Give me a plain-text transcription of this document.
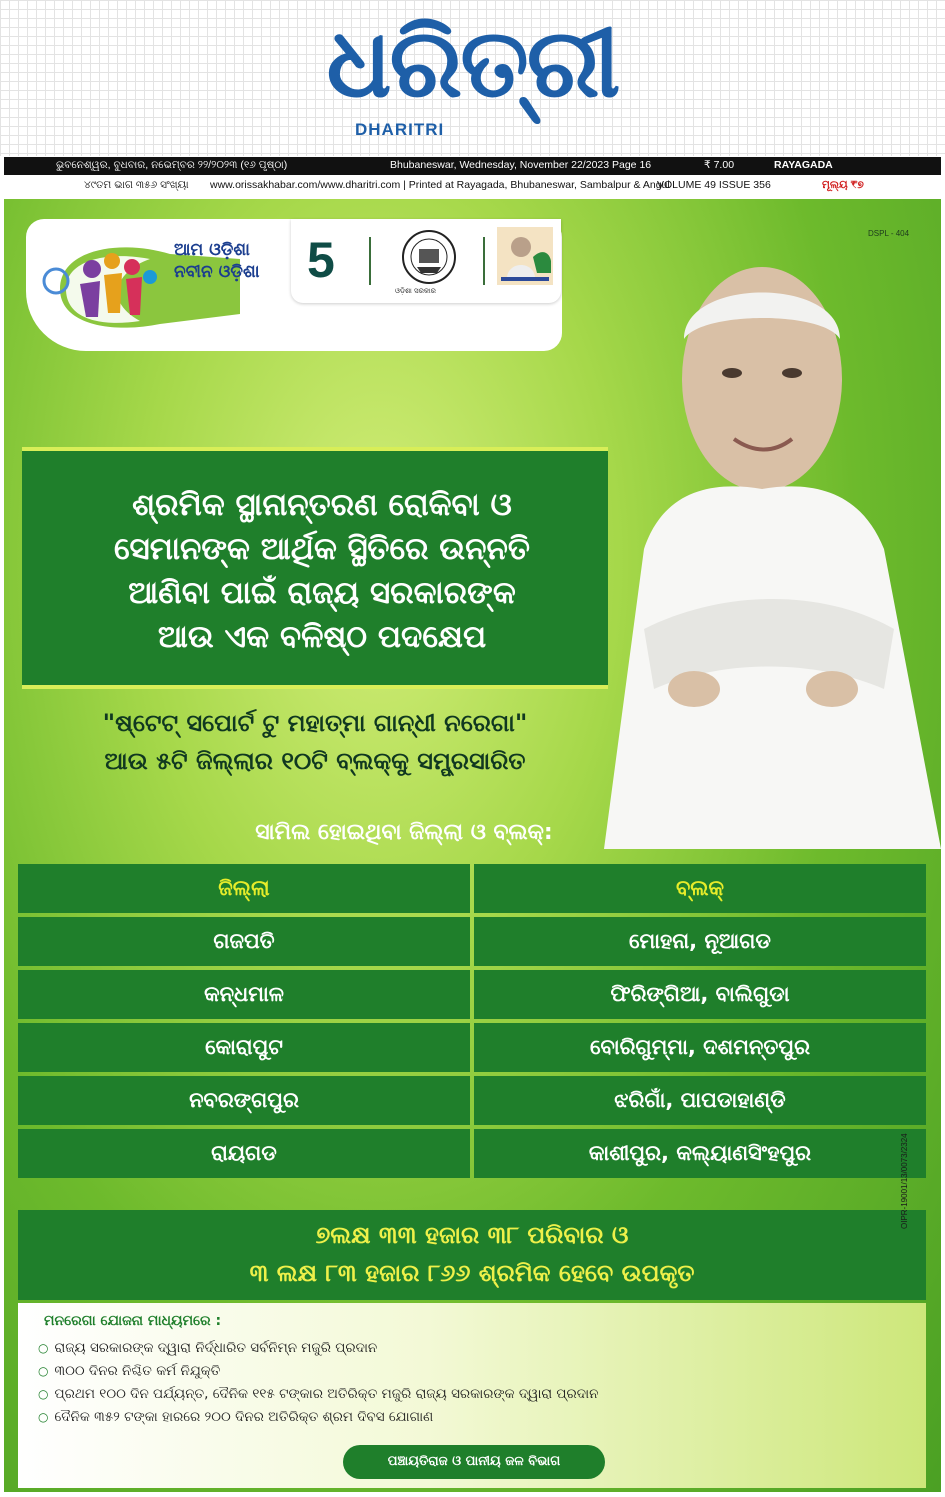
ଧରିତ୍ରୀ
DHARITRI
ଭୁବନେଶ୍ୱର, ବୁଧବାର, ନଭେମ୍ବର ୨୨/୨୦୨୩ (୧୬ ପୃଷ୍ଠା)	Bhubaneswar, Wednesday, November 22/2023 Page 16	₹ 7.00	RAYAGADA
୪୯ତମ ଭାଗ ୩୫୬ ସଂଖ୍ୟା www.orissakhabar.com/www.dharitri.com | Printed at Rayagada, Bhubaneswar, Sambalpur & Angul
VOLUME 49 ISSUE 356	ମୂଲ୍ୟ ₹୭
ଆମ ଓଡ଼ିଶା
ନବୀନ ଓଡ଼ିଶା 5
ଓଡ଼ିଶା ସରକାର
DSPL - 404
ଶ୍ରମିକ ସ୍ଥାନାନ୍ତରଣ ରୋକିବା ଓ
ସେମାନଙ୍କ ଆର୍ଥିକ ସ୍ଥିତିରେ ଉନ୍ନତି
ଆଣିବା ପାଇଁ ରାଜ୍ୟ ସରକାରଙ୍କ
ଆଉ ଏକ ବଳିଷ୍ଠ ପଦକ୍ଷେପ
"ଷ୍ଟେଟ୍ ସପୋର୍ଟ ଟୁ ମହାତ୍ମା ଗାନ୍ଧୀ ନରେଗା"
ଆଉ ୫ଟି ଜିଲ୍ଲାର ୧୦ଟି ବ୍ଲକ୍‌କୁ ସମ୍ପ୍ରସାରିତ
ସାମିଲ ହୋଇଥିବା ଜିଲ୍ଲା ଓ ବ୍ଲକ୍:
ଜିଲ୍ଲା	ବ୍ଲକ୍
ଗଜପତି	ମୋହନା, ନୂଆଗଡ
କନ୍ଧମାଳ	ଫିରିଙ୍ଗିଆ, ବାଲିଗୁଡା
କୋରାପୁଟ	ବୋରିଗୁମ୍ମା, ଦଶମନ୍ତପୁର
ନବରଙ୍ଗପୁର	ଝରିଗାଁ, ପାପଡାହାଣ୍ଡି
ରାୟଗଡ	କାଶୀପୁର, କଲ୍ୟାଣସିଂହପୁର
୭ଲକ୍ଷ ୩୩ ହଜାର ୩୮ ପରିବାର ଓ
୩ ଲକ୍ଷ ୮୩ ହଜାର ୮୬୬ ଶ୍ରମିକ ହେବେ ଉପକୃତ
ମନରେଗା ଯୋଜନା ମାଧ୍ୟମରେ :
○ ରାଜ୍ୟ ସରକାରଙ୍କ ଦ୍ୱାରା ନିର୍ଦ୍ଧାରିତ ସର୍ବନିମ୍ନ ମଜୁରି ପ୍ରଦାନ
○ ୩୦୦ ଦିନର ନିଶ୍ଚିତ କର୍ମ ନିଯୁକ୍ତି
○ ପ୍ରଥମ ୧୦୦ ଦିନ ପର୍ଯ୍ୟନ୍ତ, ଦୈନିକ ୧୧୫ ଟଙ୍କାର ଅତିରିକ୍ତ ମଜୁରି ରାଜ୍ୟ ସରକାରଙ୍କ ଦ୍ୱାରା ପ୍ରଦାନ
○ ଦୈନିକ ୩୫୨ ଟଙ୍କା ହାରରେ ୨୦୦ ଦିନର ଅତିରିକ୍ତ ଶ୍ରମ ଦିବସ ଯୋଗାଣ
ପଞ୍ଚାୟତିରାଜ ଓ ପାନୀୟ ଜଳ ବିଭାଗ
OIPR-19001/13/0073/2324
